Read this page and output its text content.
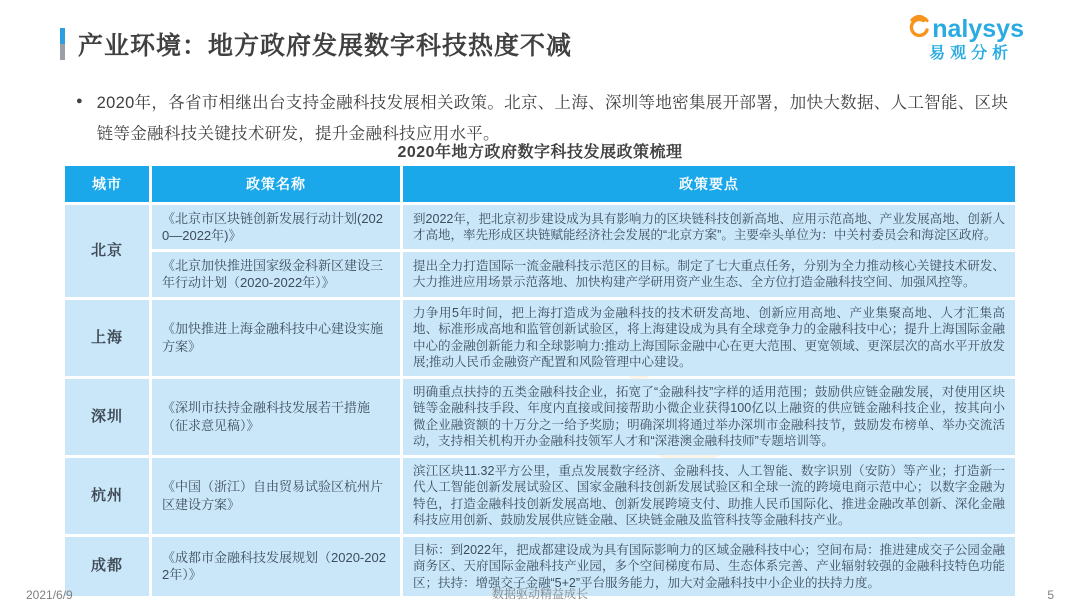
产业环境：地方政府发展数字科技热度不减
nalysys
易观分析
● 2020年，各省市相继出台支持金融科技发展相关政策。北京、上海、深圳等地密集展开部署，加快大数据、人工智能、区块链等金融科技关键技术研发，提升金融科技应用水平。
2020年地方政府数字科技发展政策梳理
城市	政策名称	政策要点
北京	《北京市区块链创新发展行动计划(2020—2022年)》	到2022年，把北京初步建设成为具有影响力的区块链科技创新高地、应用示范高地、产业发展高地、创新人才高地，率先形成区块链赋能经济社会发展的“北京方案”。主要牵头单位为：中关村委员会和海淀区政府。
	《北京加快推进国家级金科新区建设三年行动计划（2020-2022年）》	提出全力打造国际一流金融科技示范区的目标。制定了七大重点任务，分别为全力推动核心关键技术研发、大力推进应用场景示范落地、加快构建产学研用资产业生态、全方位打造金融科技空间、加强风控等。
上海	《加快推进上海金融科技中心建设实施方案》	力争用5年时间，把上海打造成为金融科技的技术研发高地、创新应用高地、产业集聚高地、人才汇集高地、标准形成高地和监管创新试验区，将上海建设成为具有全球竞争力的金融科技中心；提升上海国际金融中心的金融创新能力和全球影响力:推动上海国际金融中心在更大范围、更宽领域、更深层次的高水平开放发展;推动人民币金融资产配置和风险管理中心建设。
深圳	《深圳市扶持金融科技发展若干措施（征求意见稿）》	明确重点扶持的五类金融科技企业，拓宽了“金融科技”字样的适用范围；鼓励供应链金融发展，对使用区块链等金融科技手段、年度内直接或间接帮助小微企业获得100亿以上融资的供应链金融科技企业，按其向小微企业融资额的十万分之一给予奖励；明确深圳将通过举办深圳市金融科技节，鼓励发布榜单、举办交流活动，支持相关机构开办金融科技领军人才和“深港澳金融科技师”专题培训等。
杭州	《中国（浙江）自由贸易试验区杭州片区建设方案》	滨江区块11.32平方公里，重点发展数字经济、金融科技、人工智能、数字识别（安防）等产业；打造新一代人工智能创新发展试验区、国家金融科技创新发展试验区和全球一流的跨境电商示范中心；以数字金融为特色，打造金融科技创新发展高地、创新发展跨境支付、助推人民币国际化、推进金融改革创新、深化金融科技应用创新、鼓励发展供应链金融、区块链金融及监管科技等金融科技产业。
成都	《成都市金融科技发展规划（2020-2022年）》	目标：到2022年，把成都建设成为具有国际影响力的区域金融科技中心；空间布局：推进建成交子公园金融商务区、天府国际金融科技产业园，多个空间梯度布局、生态体系完善、产业辐射较强的金融科技特色功能区；扶持：增强交子金融“5+2”平台服务能力，加大对金融科技中小企业的扶持力度。
2021/6/9	数据驱动精益成长	5
